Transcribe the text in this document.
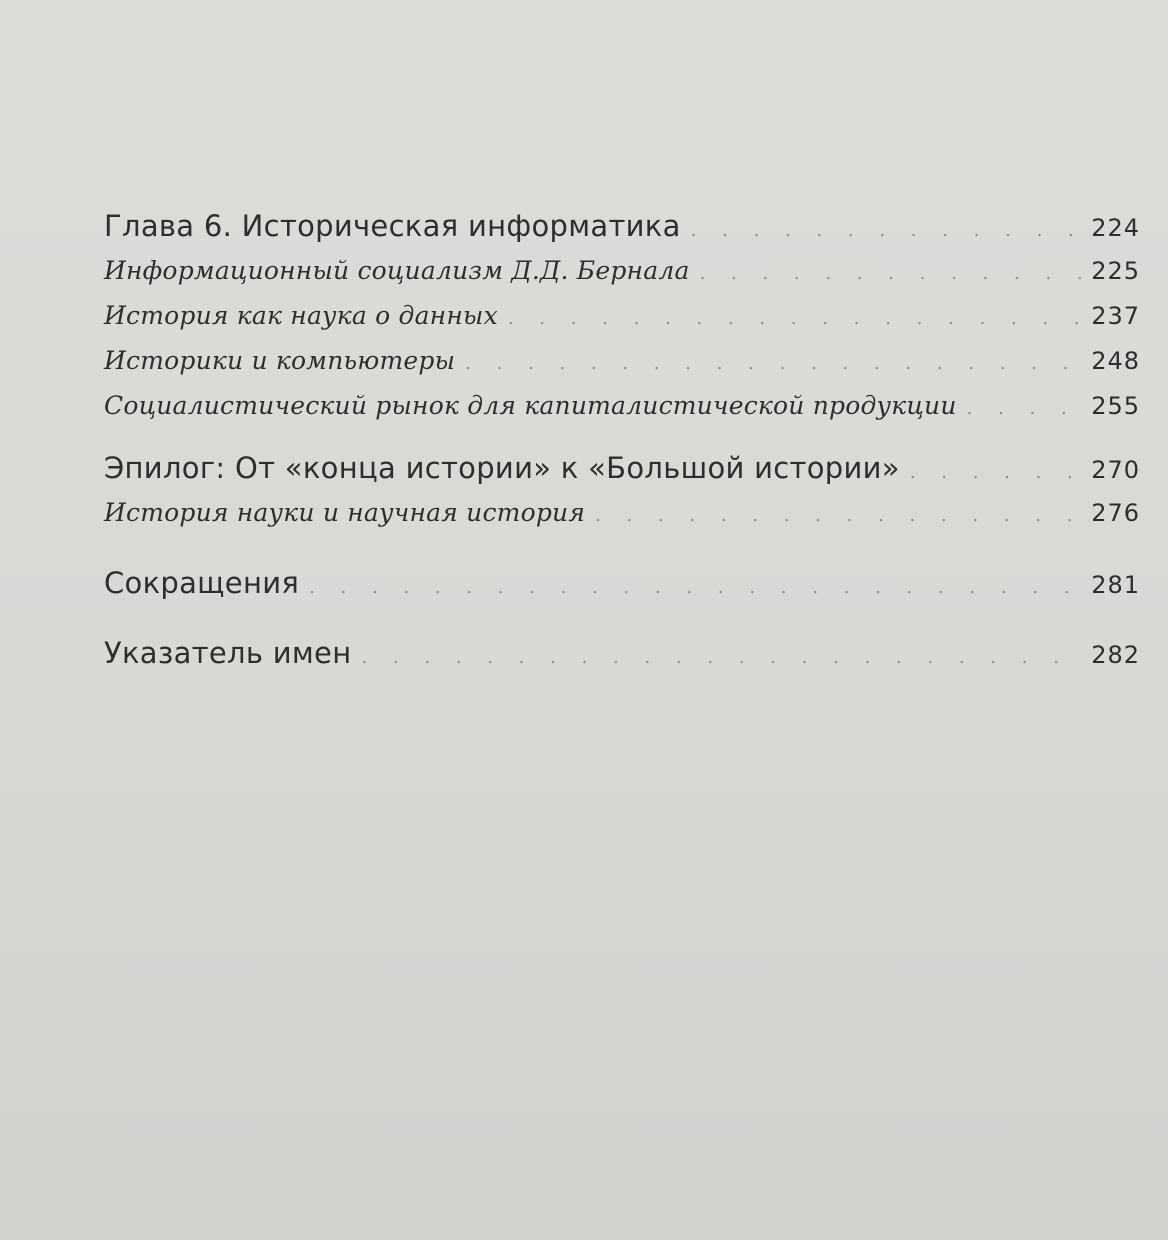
Глава 6. Историческая информатика . . .	224
Информационный социализм Д.Д. Бернала . . .	225
История как наука о данных . . .	237
Историки и компьютеры . . .	248
Социалистический рынок для капиталистической продукции . . .	255
Эпилог: От «конца истории» к «Большой истории» . . .	270
История науки и научная история . . .	276
Сокращения . . .	281
Указатель имен . . .	282
